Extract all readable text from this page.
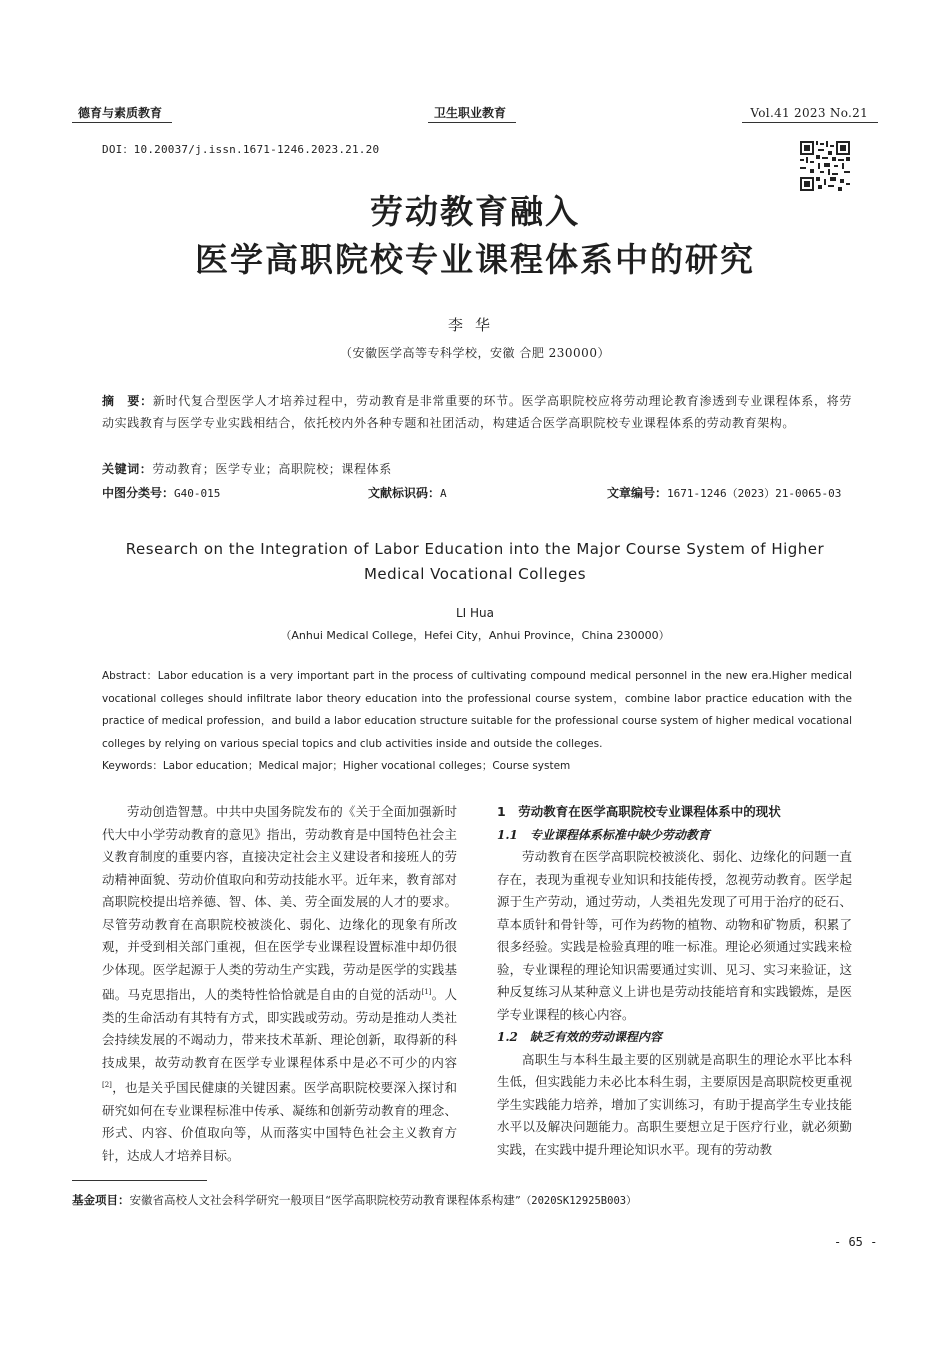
德育与素质教育	卫生职业教育	Vol.41 2023 No.21
DOI：10.20037/j.issn.1671-1246.2023.21.20
劳动教育融入
医学高职院校专业课程体系中的研究
李华
（安徽医学高等专科学校，安徽 合肥 230000）
摘　要：新时代复合型医学人才培养过程中，劳动教育是非常重要的环节。医学高职院校应将劳动理论教育渗透到专业课程体系，将劳动实践教育与医学专业实践相结合，依托校内外各种专题和社团活动，构建适合医学高职院校专业课程体系的劳动教育架构。
关键词：劳动教育；医学专业；高职院校；课程体系
中图分类号：G40-015	文献标识码：A	文章编号：1671-1246（2023）21-0065-03
Research on the Integration of Labor Education into the Major Course System of Higher
Medical Vocational Colleges
LI Hua
（Anhui Medical College，Hefei City，Anhui Province，China 230000）
Abstract：Labor education is a very important part in the process of cultivating compound medical personnel in the new era.Higher medical vocational colleges should infiltrate labor theory education into the professional course system，combine labor practice education with the practice of medical profession，and build a labor education structure suitable for the professional course system of higher medical vocational colleges by relying on various special topics and club activities inside and outside the colleges.
Keywords：Labor education；Medical major；Higher vocational colleges；Course system

劳动创造智慧。中共中央国务院发布的《关于全面加强新时代大中小学劳动教育的意见》指出，劳动教育是中国特色社会主义教育制度的重要内容，直接决定社会主义建设者和接班人的劳动精神面貌、劳动价值取向和劳动技能水平。近年来，教育部对高职院校提出培养德、智、体、美、劳全面发展的人才的要求。尽管劳动教育在高职院校被淡化、弱化、边缘化的现象有所改观，并受到相关部门重视，但在医学专业课程设置标准中却仍很少体现。医学起源于人类的劳动生产实践，劳动是医学的实践基础。马克思指出，人的类特性恰恰就是自由的自觉的活动[1]。人类的生命活动有其特有方式，即实践或劳动。劳动是推动人类社会持续发展的不竭动力，带来技术革新、理论创新，取得新的科技成果，故劳动教育在医学专业课程体系中是必不可少的内容[2]，也是关乎国民健康的关键因素。医学高职院校要深入探讨和研究如何在专业课程标准中传承、凝练和创新劳动教育的理念、形式、内容、价值取向等，从而落实中国特色社会主义教育方针，达成人才培养目标。

1　劳动教育在医学高职院校专业课程体系中的现状
1.1　专业课程体系标准中缺少劳动教育

劳动教育在医学高职院校被淡化、弱化、边缘化的问题一直存在，表现为重视专业知识和技能传授，忽视劳动教育。医学起源于生产劳动，通过劳动，人类祖先发现了可用于治疗的砭石、草本质针和骨针等，可作为药物的植物、动物和矿物质，积累了很多经验。实践是检验真理的唯一标准。理论必须通过实践来检验，专业课程的理论知识需要通过实训、见习、实习来验证，这种反复练习从某种意义上讲也是劳动技能培育和实践锻炼，是医学专业课程的核心内容。

1.2　缺乏有效的劳动课程内容

高职生与本科生最主要的区别就是高职生的理论水平比本科生低，但实践能力未必比本科生弱，主要原因是高职院校更重视学生实践能力培养，增加了实训练习，有助于提高学生专业技能水平以及解决问题能力。高职生要想立足于医疗行业，就必须勤实践，在实践中提升理论知识水平。现有的劳动教

基金项目：安徽省高校人文社会科学研究一般项目“医学高职院校劳动教育课程体系构建”（2020SK12925B003）
- 65 -
